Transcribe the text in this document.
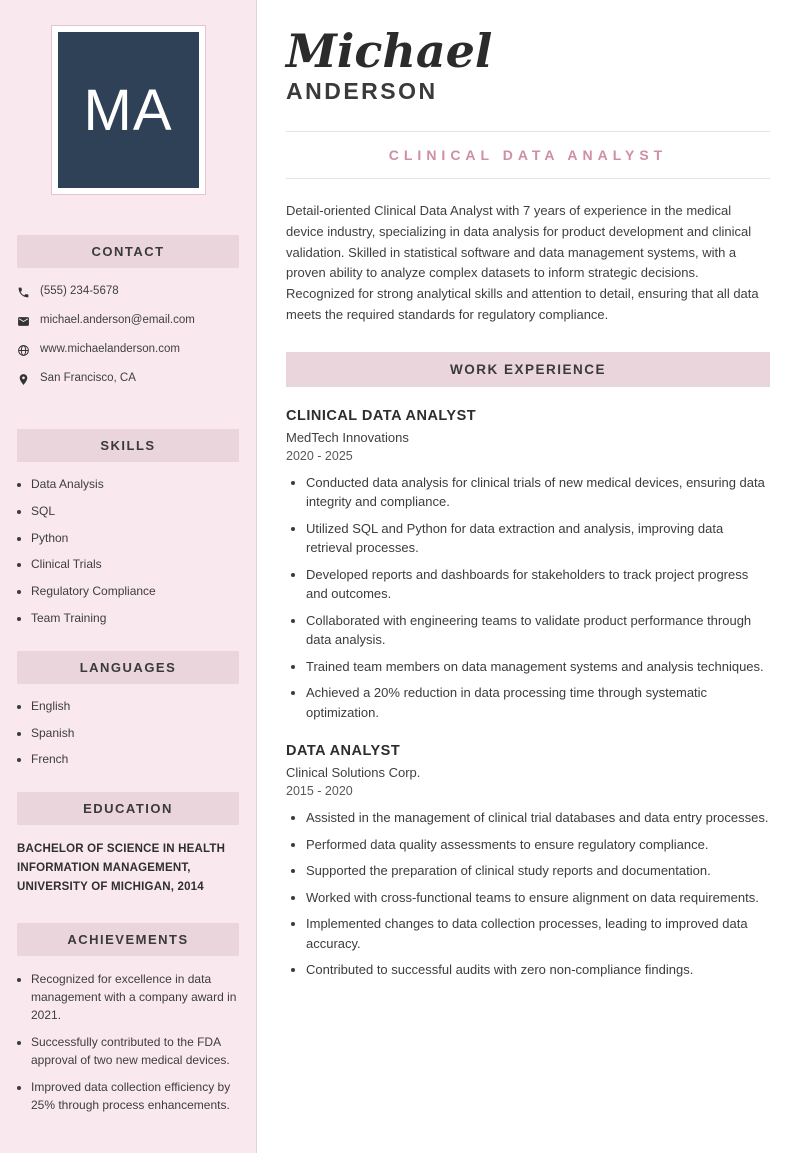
MA
CONTACT
(555) 234-5678
michael.anderson@email.com
www.michaelanderson.com
San Francisco, CA
SKILLS
• Data Analysis
• SQL
• Python
• Clinical Trials
• Regulatory Compliance
• Team Training
LANGUAGES
• English
• Spanish
• French
EDUCATION
BACHELOR OF SCIENCE IN HEALTH INFORMATION MANAGEMENT, UNIVERSITY OF MICHIGAN, 2014
ACHIEVEMENTS
• Recognized for excellence in data management with a company award in 2021.
• Successfully contributed to the FDA approval of two new medical devices.
• Improved data collection efficiency by 25% through process enhancements.
Michael
ANDERSON
CLINICAL DATA ANALYST

Detail-oriented Clinical Data Analyst with 7 years of experience in the medical device industry, specializing in data analysis for product development and clinical validation. Skilled in statistical software and data management systems, with a proven ability to analyze complex datasets to inform strategic decisions. Recognized for strong analytical skills and attention to detail, ensuring that all data meets the required standards for regulatory compliance.

WORK EXPERIENCE
CLINICAL DATA ANALYST
MedTech Innovations
2020 - 2025
• Conducted data analysis for clinical trials of new medical devices, ensuring data integrity and compliance.
• Utilized SQL and Python for data extraction and analysis, improving data retrieval processes.
• Developed reports and dashboards for stakeholders to track project progress and outcomes.
• Collaborated with engineering teams to validate product performance through data analysis.
• Trained team members on data management systems and analysis techniques.
• Achieved a 20% reduction in data processing time through systematic optimization.
DATA ANALYST
Clinical Solutions Corp.
2015 - 2020
• Assisted in the management of clinical trial databases and data entry processes.
• Performed data quality assessments to ensure regulatory compliance.
• Supported the preparation of clinical study reports and documentation.
• Worked with cross-functional teams to ensure alignment on data requirements.
• Implemented changes to data collection processes, leading to improved data accuracy.
• Contributed to successful audits with zero non-compliance findings.
